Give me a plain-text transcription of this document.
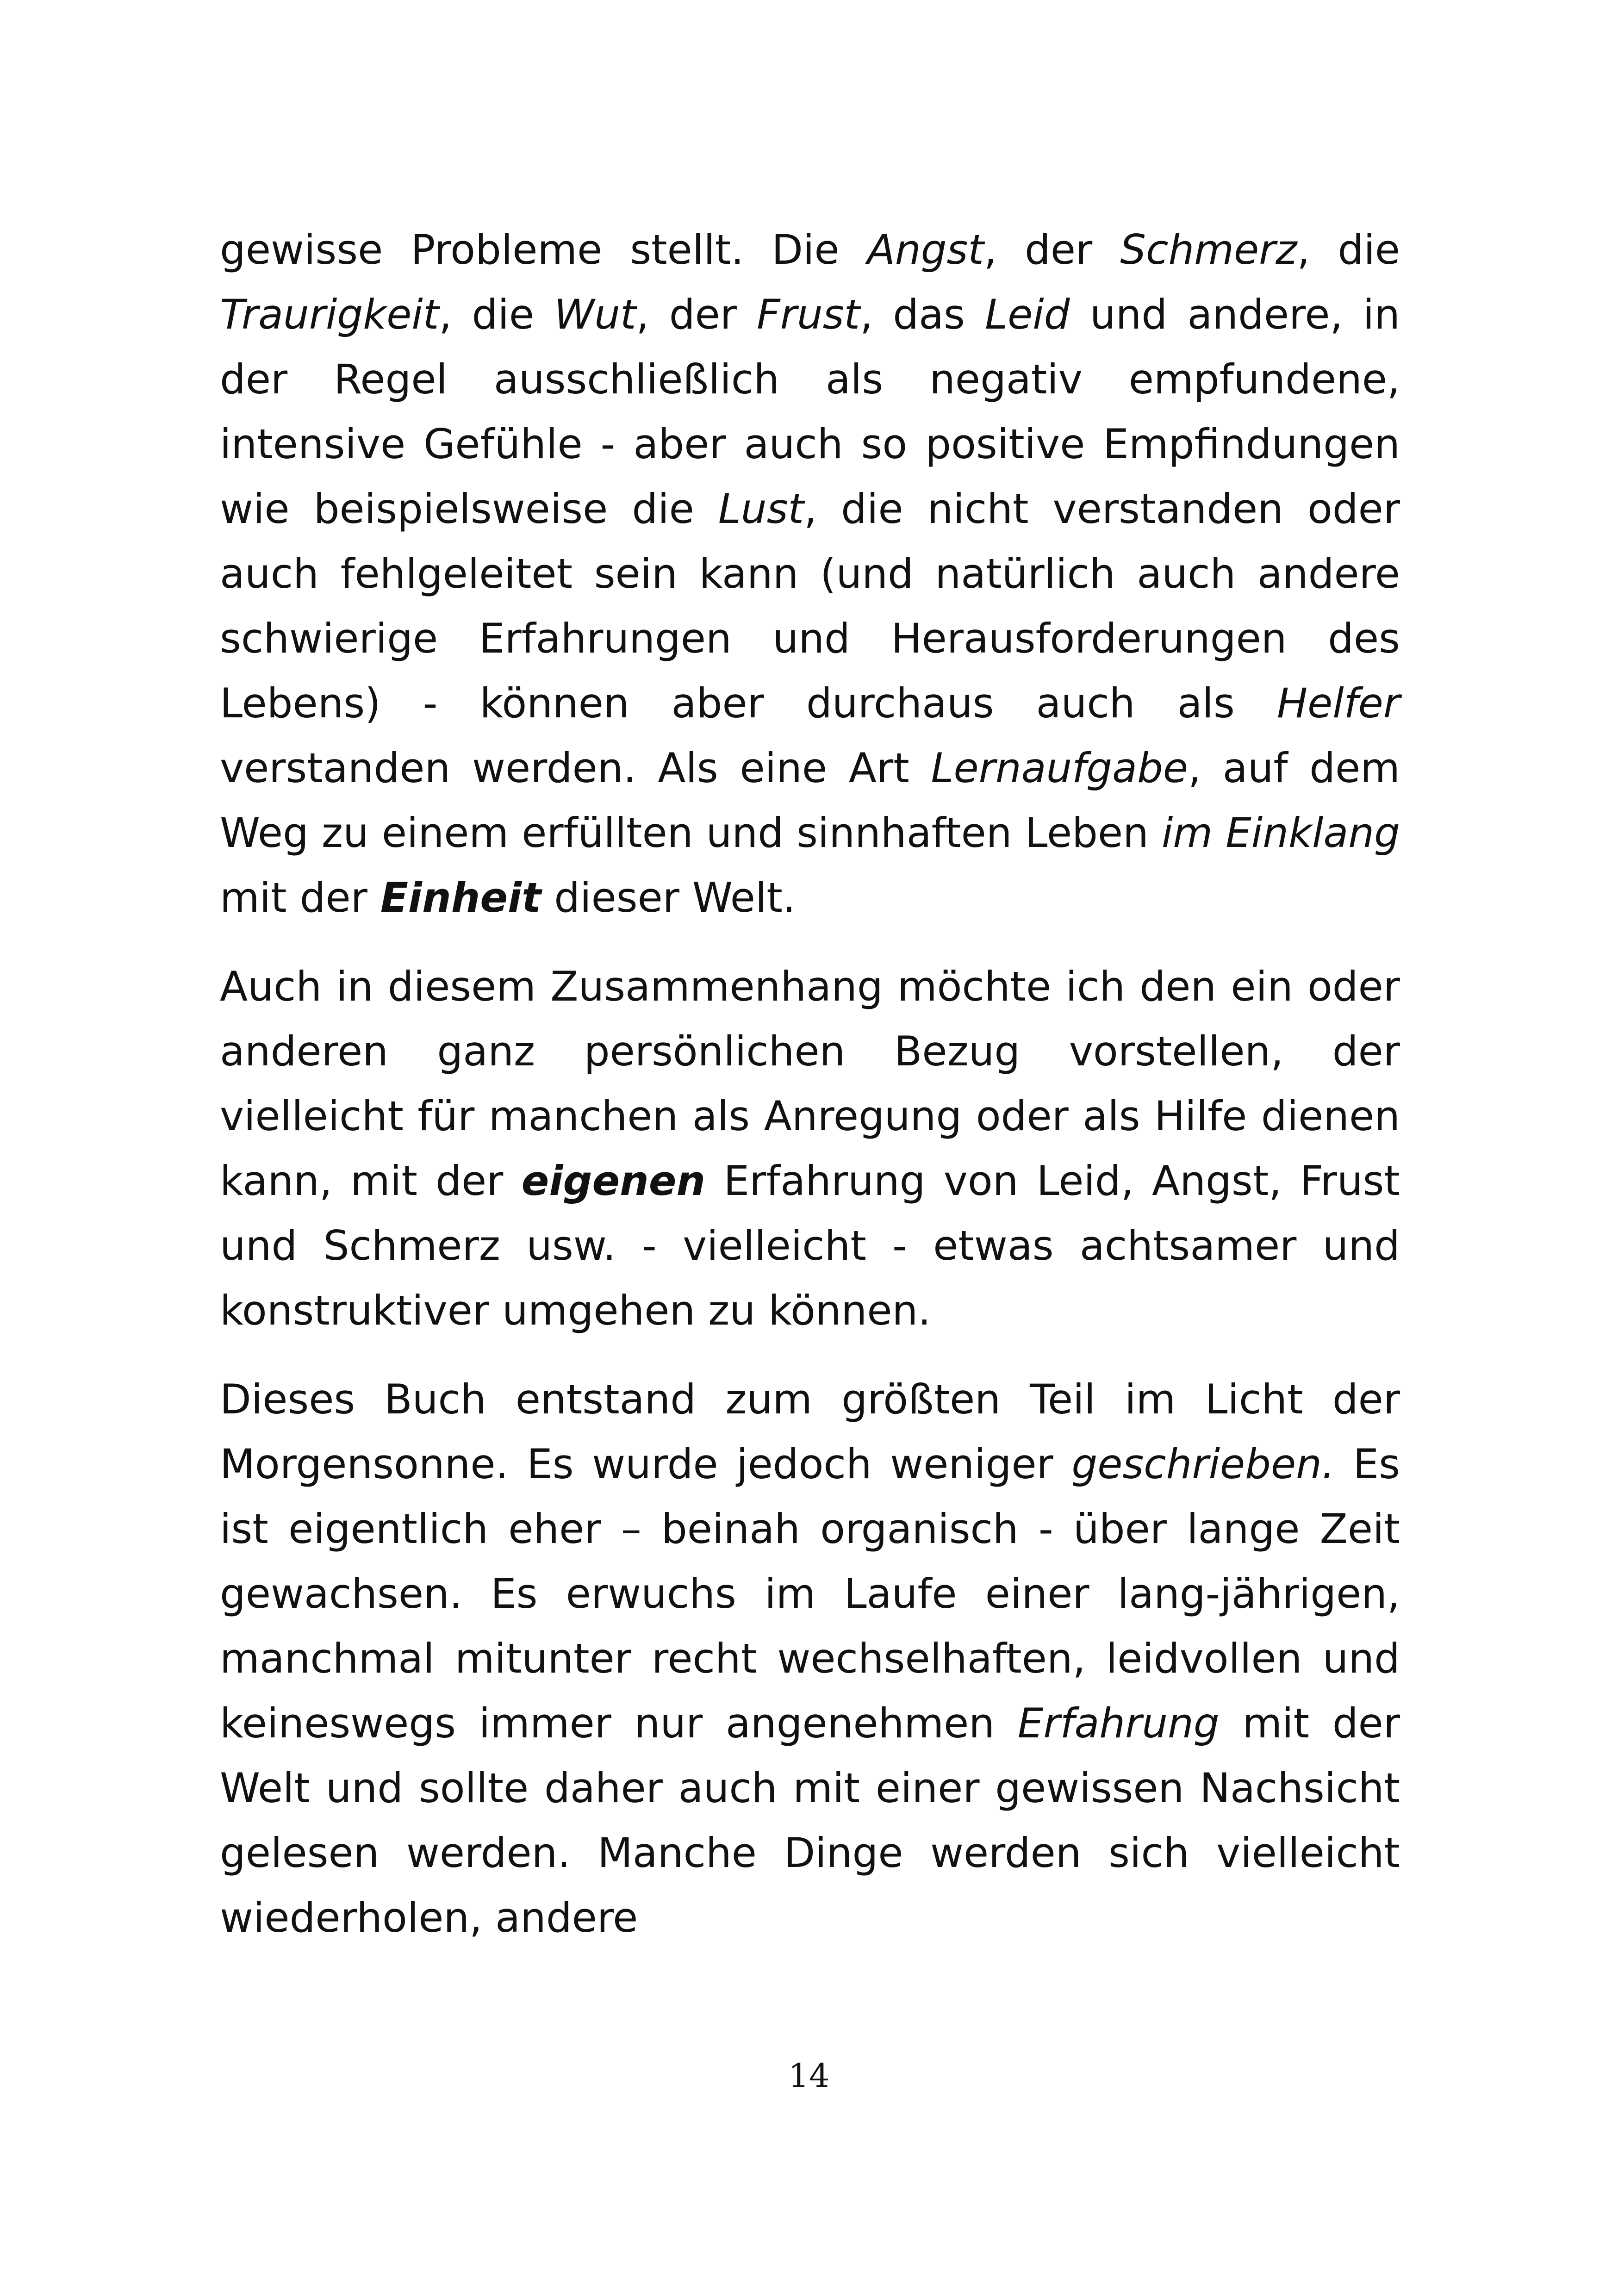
gewisse Probleme stellt. Die Angst, der Schmerz, die Traurigkeit, die Wut, der Frust, das Leid und andere, in der Regel ausschließlich als negativ empfundene, intensive Gefühle - aber auch so positive Empfindungen wie beispielsweise die Lust, die nicht verstanden oder auch fehlgeleitet sein kann (und natürlich auch andere schwierige Erfahrungen und Herausforderungen des Lebens) - können aber durchaus auch als Helfer verstanden werden. Als eine Art Lernaufgabe, auf dem Weg zu einem erfüllten und sinnhaften Leben im Einklang mit der Einheit dieser Welt.

Auch in diesem Zusammenhang möchte ich den ein oder anderen ganz persönlichen Bezug vorstellen, der vielleicht für manchen als Anregung oder als Hilfe dienen kann, mit der eigenen Erfahrung von Leid, Angst, Frust und Schmerz usw. - vielleicht - etwas achtsamer und konstruktiver umgehen zu können.

Dieses Buch entstand zum größten Teil im Licht der Morgensonne. Es wurde jedoch weniger geschrieben. Es ist eigentlich eher – beinah organisch - über lange Zeit gewachsen. Es erwuchs im Laufe einer lang-jährigen, manchmal mitunter recht wechselhaften, leidvollen und keineswegs immer nur angenehmen Erfahrung mit der Welt und sollte daher auch mit einer gewissen Nachsicht gelesen werden. Manche Dinge werden sich vielleicht wiederholen, andere

14
